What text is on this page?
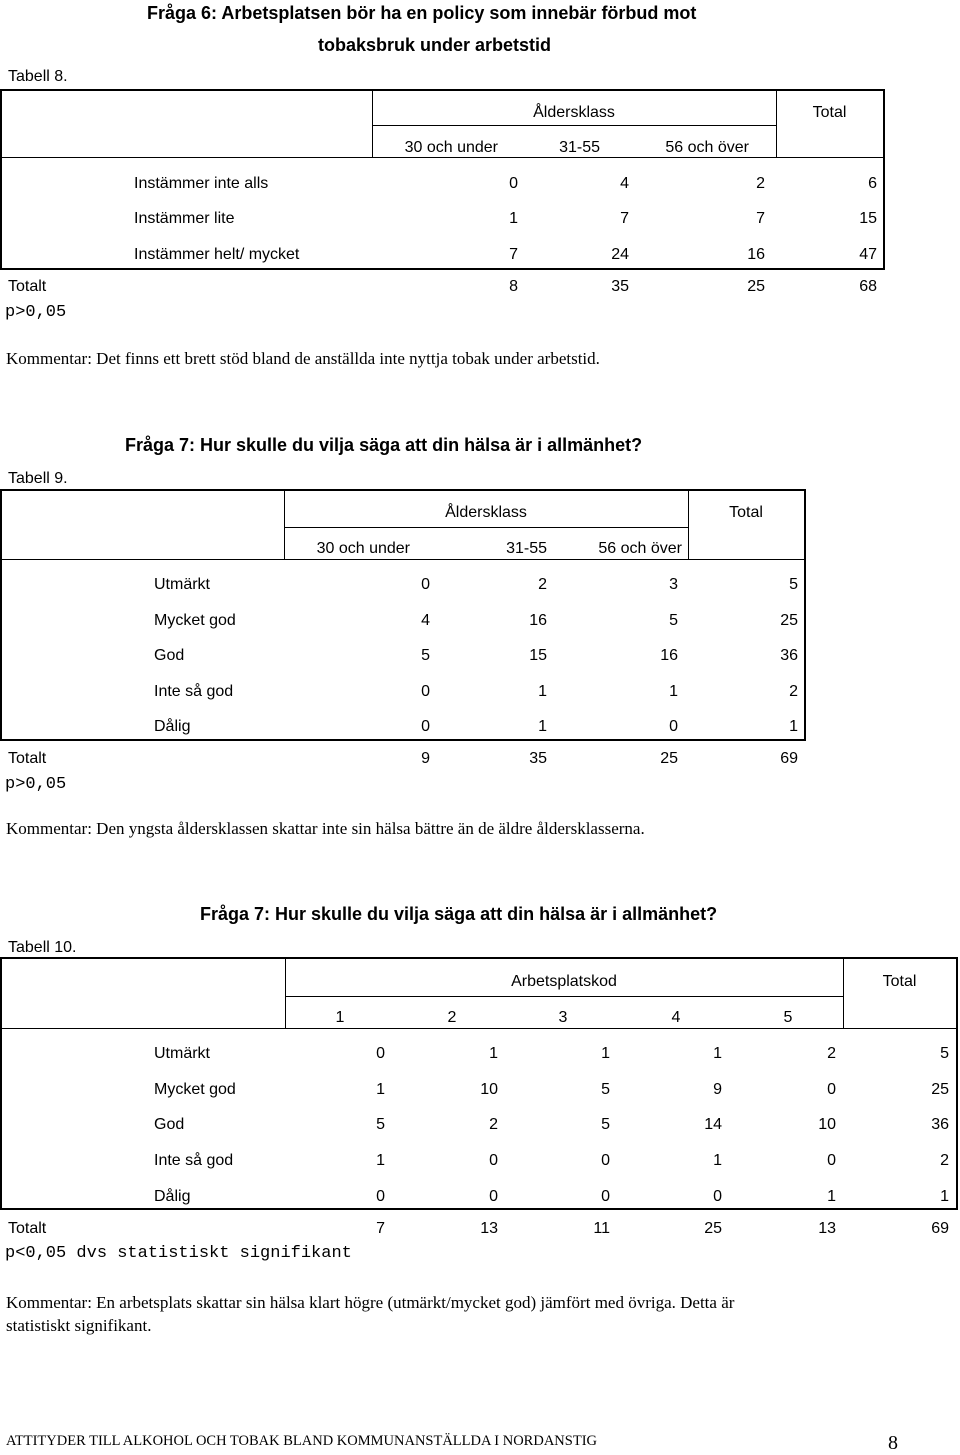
Fråga 6: Arbetsplatsen bör ha en policy som innebär förbud mot
tobaksbruk under arbetstid
Tabell 8.
Åldersklass	Total
30 och under	31-55	56 och över
Instämmer inte alls	0	4	2	6
Instämmer lite	1	7	7	15
Instämmer helt/ mycket	7	24	16	47
Totalt	8	35	25	68
p>0,05
Kommentar: Det finns ett brett stöd bland de anställda inte nyttja tobak under arbetstid.
Fråga 7: Hur skulle du vilja säga att din hälsa är i allmänhet?
Tabell 9.
Åldersklass	Total
30 och under	31-55	56 och över
Utmärkt	0	2	3	5
Mycket god	4	16	5	25
God	5	15	16	36
Inte så god	0	1	1	2
Dålig	0	1	0	1
Totalt	9	35	25	69
p>0,05
Kommentar: Den yngsta åldersklassen skattar inte sin hälsa bättre än de äldre åldersklasserna.
Fråga 7: Hur skulle du vilja säga att din hälsa är i allmänhet?
Tabell 10.
Arbetsplatskod	Total
1	2	3	4	5
Utmärkt	0	1	1	1	2	5
Mycket god	1	10	5	9	0	25
God	5	2	5	14	10	36
Inte så god	1	0	0	1	0	2
Dålig	0	0	0	0	1	1
Totalt	7	13	11	25	13	69
p<0,05 dvs statistiskt signifikant
Kommentar: En arbetsplats skattar sin hälsa klart högre (utmärkt/mycket god) jämfört med övriga. Detta är
statistiskt signifikant.
ATTITYDER TILL ALKOHOL OCH TOBAK BLAND KOMMUNANSTÄLLDA I NORDANSTIG	8
